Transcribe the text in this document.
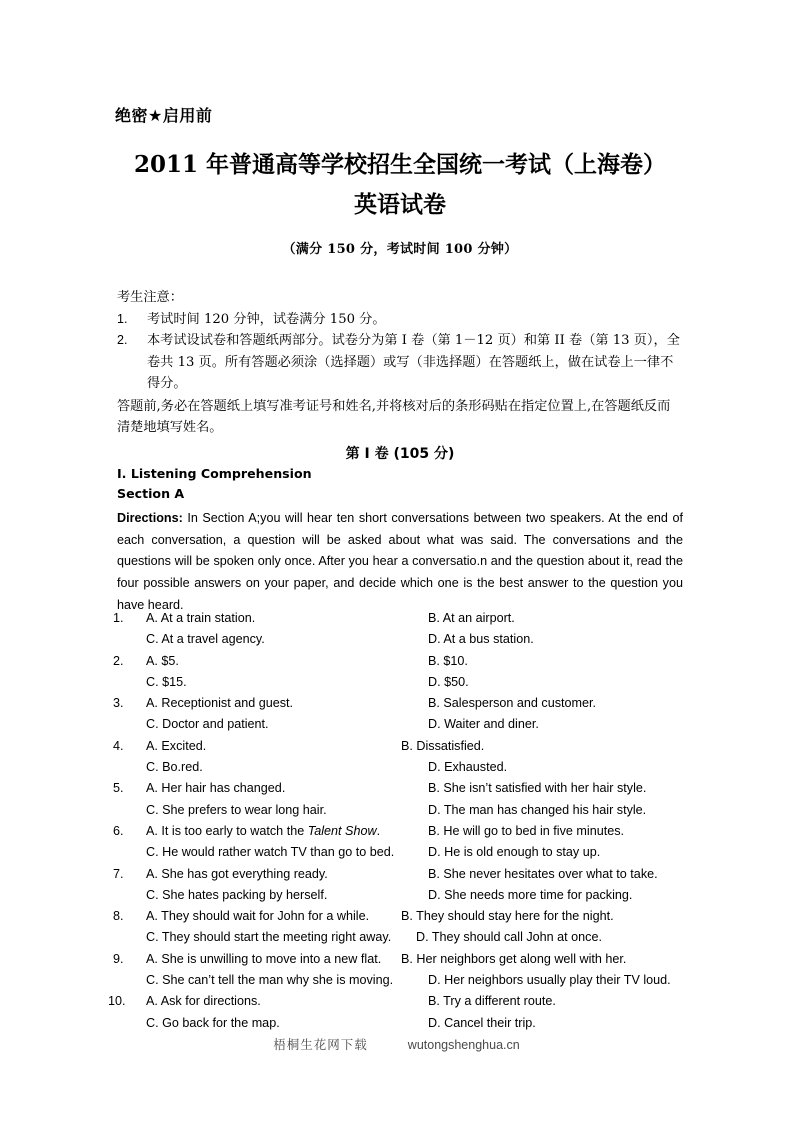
绝密★启用前
2011 年普通高等学校招生全国统一考试（上海卷）
英语试卷
（满分 150 分，考试时间 100 分钟）
考生注意：
1.	考试时间 120 分钟，试卷满分 150 分。
2.	本考试设试卷和答题纸两部分。试卷分为第 I 卷（第 1－12 页）和第 II 卷（第 13 页），全卷共 13 页。所有答题必须涂（选择题）或写（非选择题）在答题纸上，做在试卷上一律不得分。
答题前,务必在答题纸上填写准考证号和姓名,并将核对后的条形码贴在指定位置上,在答题纸反而清楚地填写姓名。
第 I 卷 (105 分)
I. Listening Comprehension
Section A
Directions: In Section A;you will hear ten short conversations between two speakers. At the end of each conversation, a question will be asked about what was said. The conversations and the questions will be spoken only once. After you hear a conversatio.n and the question about it, read the four possible answers on your paper, and decide which one is the best answer to the question you have heard.
1.	A. At a train station.	B. At an airport.
C. At a travel agency.	D. At a bus station.
2.	A. $5.	B. $10.
C. $15.	D. $50.
3.	A. Receptionist and guest.	B. Salesperson and customer.
C. Doctor and patient.	D. Waiter and diner.
4.	A. Excited.	B. Dissatisfied.
C. Bo.red.	D. Exhausted.
5.	A. Her hair has changed.	B. She isn’t satisfied with her hair style.
C. She prefers to wear long hair.	D. The man has changed his hair style.
6.	A. It is too early to watch the Talent Show.	B. He will go to bed in five minutes.
C. He would rather watch TV than go to bed.	D. He is old enough to stay up.
7.	A. She has got everything ready.	B. She never hesitates over what to take.
C. She hates packing by herself.	D. She needs more time for packing.
8.	A. They should wait for John for a while.	B. They should stay here for the night.
C. They should start the meeting right away. D. They should call John at once.
9.	A. She is unwilling to move into a new flat. B. Her neighbors get along well with her.
C. She can’t tell the man why she is moving.	D. Her neighbors usually play their TV loud.
10.	A. Ask for directions.	B. Try a different route.
C. Go back for the map.	D. Cancel their trip.
梧桐生花网下载	wutongshenghua.cn
